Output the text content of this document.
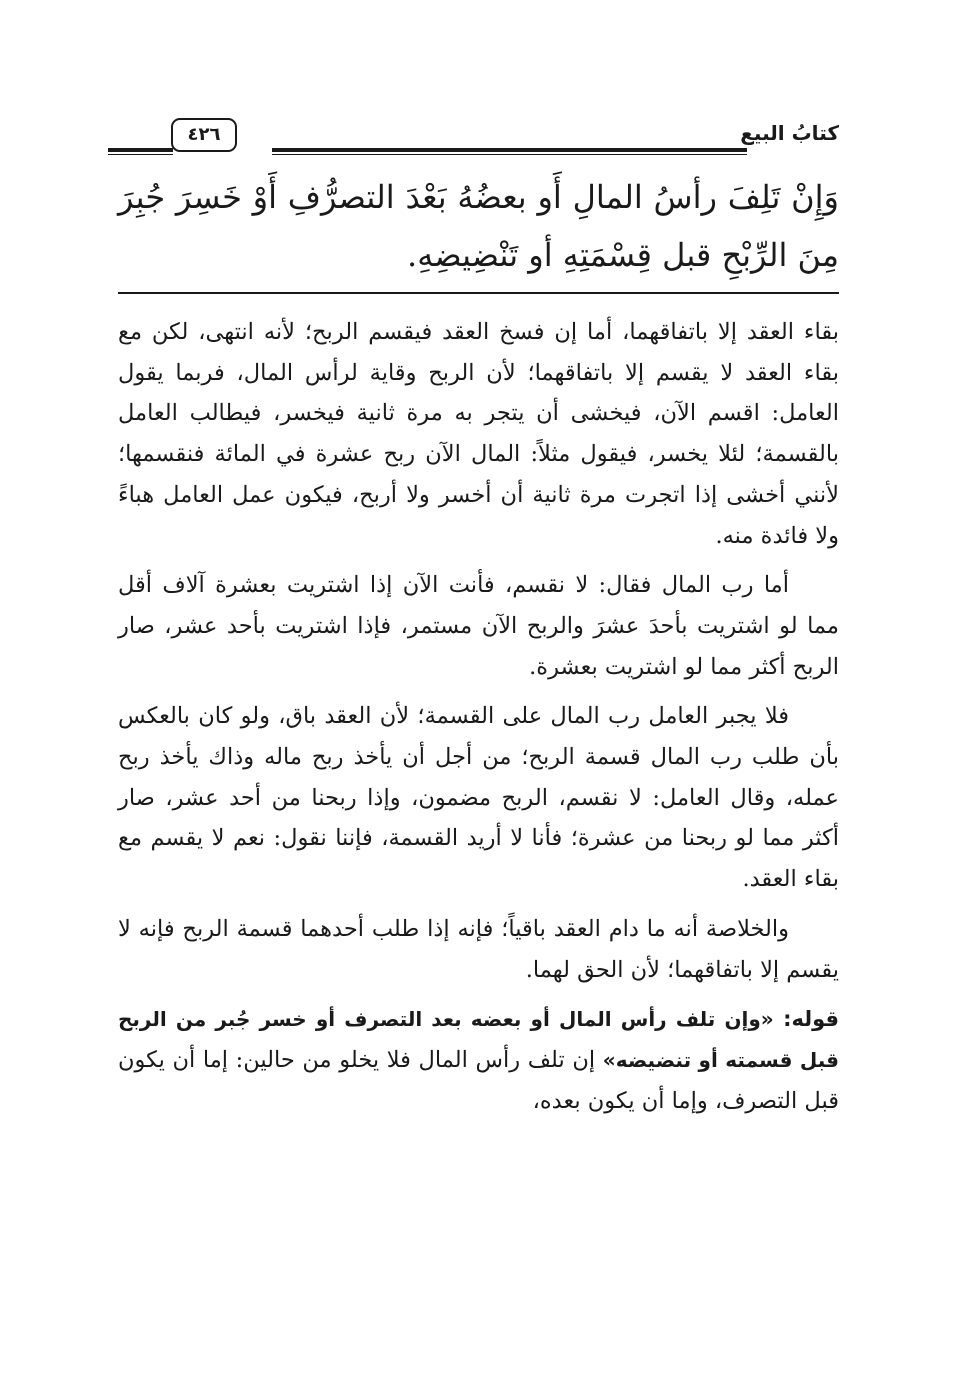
كتابُ البيع
٤٢٦
وَإِنْ تَلِفَ رأسُ المالِ أَو بعضُهُ بَعْدَ التصرُّفِ أَوْ خَسِرَ جُبِرَ مِنَ الرِّبْحِ قبل قِسْمَتِهِ أو تَنْضِيضِهِ.

بقاء العقد إلا باتفاقهما، أما إن فسخ العقد فيقسم الربح؛ لأنه انتهى، لكن مع بقاء العقد لا يقسم إلا باتفاقهما؛ لأن الربح وقاية لرأس المال، فربما يقول العامل: اقسم الآن، فيخشى أن يتجر به مرة ثانية فيخسر، فيطالب العامل بالقسمة؛ لئلا يخسر، فيقول مثلاً: المال الآن ربح عشرة في المائة فنقسمها؛ لأنني أخشى إذا اتجرت مرة ثانية أن أخسر ولا أربح، فيكون عمل العامل هباءً ولا فائدة منه.

أما رب المال فقال: لا نقسم، فأنت الآن إذا اشتريت بعشرة آلاف أقل مما لو اشتريت بأحدَ عشرَ والربح الآن مستمر، فإذا اشتريت بأحد عشر، صار الربح أكثر مما لو اشتريت بعشرة.

فلا يجبر العامل رب المال على القسمة؛ لأن العقد باق، ولو كان بالعكس بأن طلب رب المال قسمة الربح؛ من أجل أن يأخذ ربح ماله وذاك يأخذ ربح عمله، وقال العامل: لا نقسم، الربح مضمون، وإذا ربحنا من أحد عشر، صار أكثر مما لو ربحنا من عشرة؛ فأنا لا أريد القسمة، فإننا نقول: نعم لا يقسم مع بقاء العقد.

والخلاصة أنه ما دام العقد باقياً؛ فإنه إذا طلب أحدهما قسمة الربح فإنه لا يقسم إلا باتفاقهما؛ لأن الحق لهما.

قوله: «وإن تلف رأس المال أو بعضه بعد التصرف أو خسر جُبر من الربح قبل قسمته أو تنضيضه» إن تلف رأس المال فلا يخلو من حالين: إما أن يكون قبل التصرف، وإما أن يكون بعده،
